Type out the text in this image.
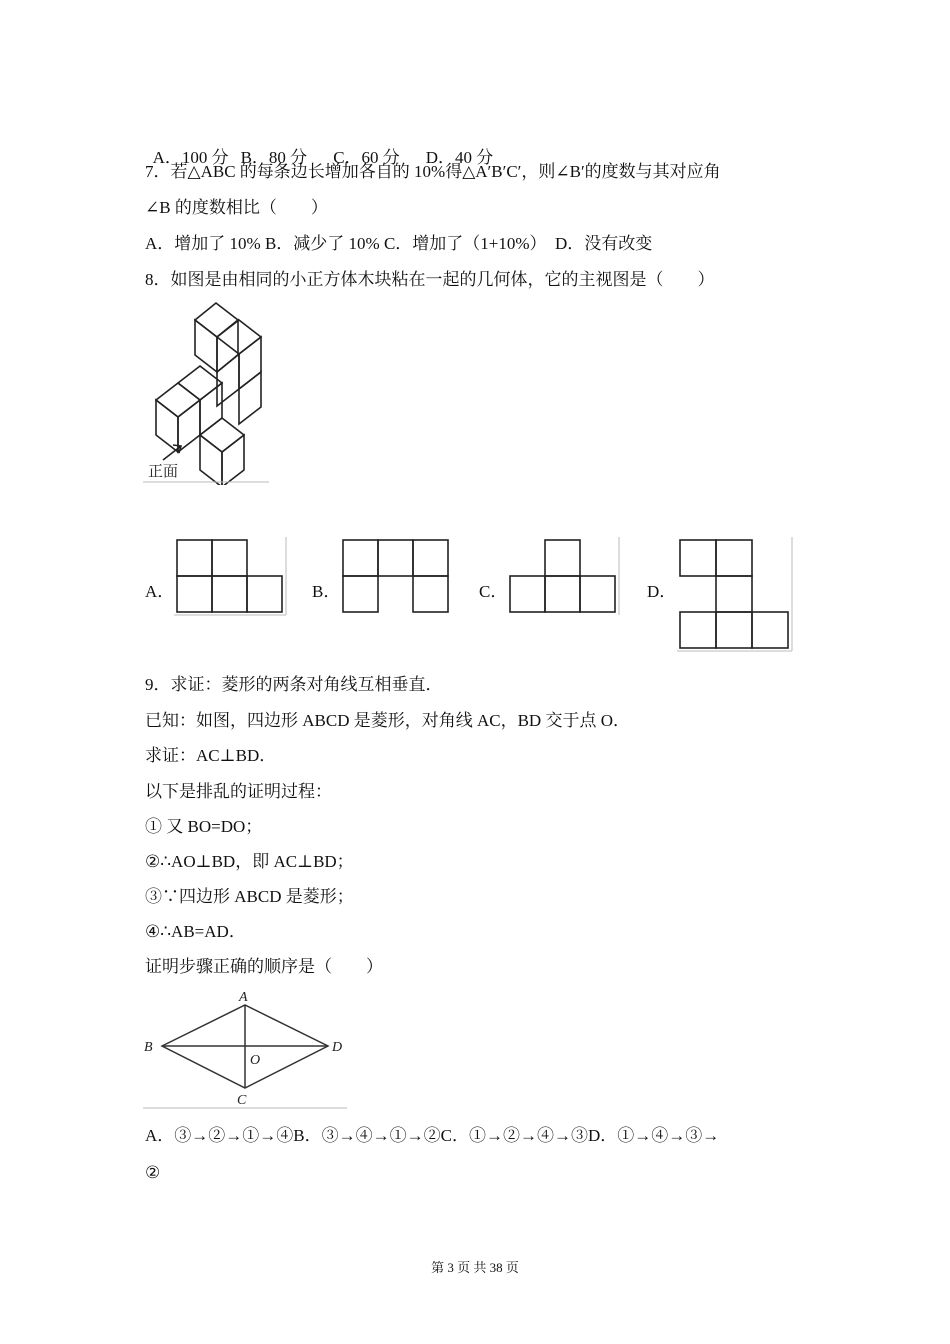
A．100 分 B．80 分 C．60 分 D．40 分

7．若△ABC 的每条边长增加各自的 10%得△A′B′C′，则∠B′的度数与其对应角
∠B 的度数相比（　　）
A．增加了 10% B．减少了 10% C．增加了（1+10%）　D．没有改变
8．如图是由相同的小正方体木块粘在一起的几何体，它的主视图是（　　）
正面
A．	B．	C．	D．
9．求证：菱形的两条对角线互相垂直．
已知：如图，四边形 ABCD 是菱形，对角线 AC，BD 交于点 O．
求证：AC⊥BD．
以下是排乱的证明过程：
① 又 BO=DO；
②∴AO⊥BD，即 AC⊥BD；
③∵四边形 ABCD 是菱形；
④∴AB=AD．
证明步骤正确的顺序是（　　）
A
B
C
D
O
A．③→②→①→④B．③→④→①→②C．①→②→④→③D．①→④→③→
②
第 3 页 共 38 页
